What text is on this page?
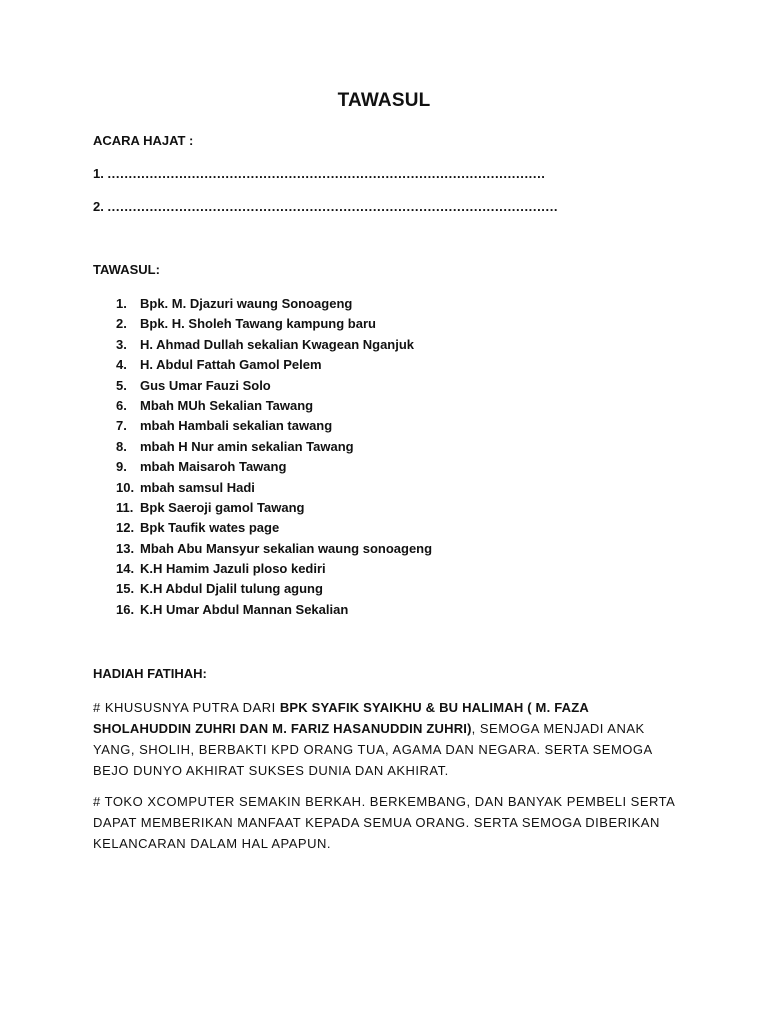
TAWASUL
ACARA HAJAT :
1. ........................................................................................................
2. ...........................................................................................................
TAWASUL:
1. Bpk. M. Djazuri waung Sonoageng
2. Bpk. H. Sholeh Tawang kampung baru
3. H. Ahmad Dullah sekalian Kwagean Nganjuk
4. H. Abdul Fattah Gamol Pelem
5. Gus Umar Fauzi Solo
6. Mbah MUh Sekalian Tawang
7. mbah Hambali sekalian tawang
8. mbah H Nur amin sekalian Tawang
9. mbah Maisaroh Tawang
10. mbah samsul Hadi
11. Bpk Saeroji gamol Tawang
12. Bpk Taufik wates page
13. Mbah Abu Mansyur sekalian waung sonoageng
14. K.H Hamim Jazuli ploso kediri
15. K.H Abdul Djalil tulung agung
16. K.H Umar Abdul Mannan Sekalian
HADIAH FATIHAH:

# KHUSUSNYA PUTRA DARI BPK SYAFIK SYAIKHU & BU HALIMAH ( M. FAZA SHOLAHUDDIN ZUHRI DAN M. FARIZ HASANUDDIN ZUHRI), SEMOGA MENJADI ANAK YANG, SHOLIH, BERBAKTI KPD ORANG TUA, AGAMA DAN NEGARA. SERTA SEMOGA BEJO DUNYO AKHIRAT SUKSES DUNIA DAN AKHIRAT.

# TOKO XCOMPUTER SEMAKIN BERKAH. BERKEMBANG, DAN BANYAK PEMBELI SERTA DAPAT MEMBERIKAN MANFAAT KEPADA SEMUA ORANG. SERTA SEMOGA DIBERIKAN KELANCARAN DALAM HAL APAPUN.
